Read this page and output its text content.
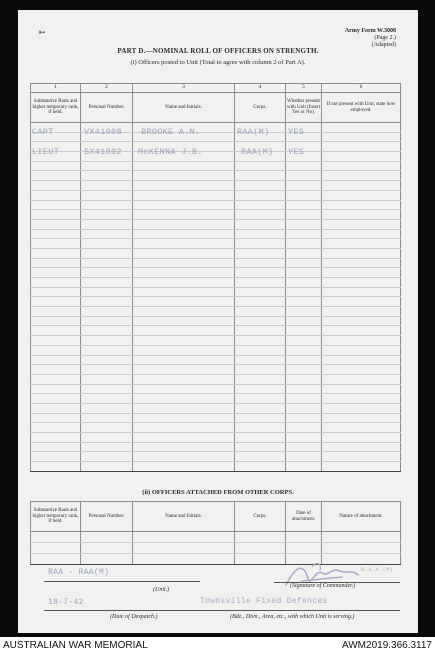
➳	Army Form W.3008
(Page 2.)
(Adapted)
PART D.—NOMINAL ROLL OF OFFICERS ON STRENGTH.
(i) Officers posted to Unit (Total to agree with column 2 of Part A).
1	2	3	4	5	6
Substantive Rank and higher temporary rank, if held.	Personal Number.	Name and Initials.	Corps.	Whether present with Unit (Insert Yes or No).	If not present with Unit, state how employed.

CAPT	VX41008 BROOKE A.N.	RAA(M) YES
LIEUT	SX41002 McKENNA J.B.	RAA(M) YES
(ii) OFFICERS ATTACHED FROM OTHER CORPS.
Substantive Rank and higher temporary rank, if held.	Personal Number.	Name and Initials.	Corps.	Date of attachment.	Nature of attachment.

RAA - RAA(M)
(Unit.)
18-7-42
(Date of Despatch.)
R.A.A (M)
(Signature of Commander.)
Townsville Fixed Defences
(Bde., Divn., Area, etc., with which Unit is serving.)
AUSTRALIAN WAR MEMORIAL	AWM2019.366.3117
